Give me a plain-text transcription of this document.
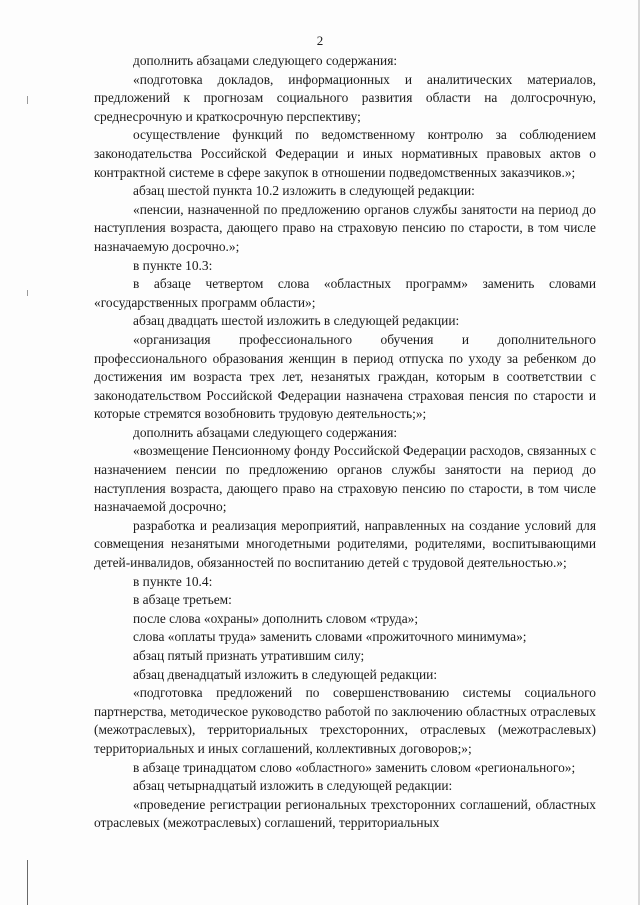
2

дополнить абзацами следующего содержания:

«подготовка докладов, информационных и аналитических материалов, предложений к прогнозам социального развития области на долгосрочную, среднесрочную и краткосрочную перспективу;

осуществление функций по ведомственному контролю за соблюдением законодательства Российской Федерации и иных нормативных правовых актов о контрактной системе в сфере закупок в отношении подведомственных заказчиков.»;

абзац шестой пункта 10.2 изложить в следующей редакции:

«пенсии, назначенной по предложению органов службы занятости на период до наступления возраста, дающего право на страховую пенсию по старости, в том числе назначаемую досрочно.»;

в пункте 10.3:

в абзаце четвертом слова «областных программ» заменить словами «государственных программ области»;

абзац двадцать шестой изложить в следующей редакции:

«организация профессионального обучения и дополнительного профессионального образования женщин в период отпуска по уходу за ребенком до достижения им возраста трех лет, незанятых граждан, которым в соответствии с законодательством Российской Федерации назначена страховая пенсия по старости и которые стремятся возобновить трудовую деятельность;»;

дополнить абзацами следующего содержания:

«возмещение Пенсионному фонду Российской Федерации расходов, связанных с назначением пенсии по предложению органов службы занятости на период до наступления возраста, дающего право на страховую пенсию по старости, в том числе назначаемой досрочно;

разработка и реализация мероприятий, направленных на создание условий для совмещения незанятыми многодетными родителями, родителями, воспитывающими детей-инвалидов, обязанностей по воспитанию детей с трудовой деятельностью.»;

в пункте 10.4:

в абзаце третьем:

после слова «охраны» дополнить словом «труда»;

слова «оплаты труда» заменить словами «прожиточного минимума»;

абзац пятый признать утратившим силу;

абзац двенадцатый изложить в следующей редакции:

«подготовка предложений по совершенствованию системы социального партнерства, методическое руководство работой по заключению областных отраслевых (межотраслевых), территориальных трехсторонних, отраслевых (межотраслевых) территориальных и иных соглашений, коллективных договоров;»;

в абзаце тринадцатом слово «областного» заменить словом «регионального»;

абзац четырнадцатый изложить в следующей редакции:

«проведение регистрации региональных трехсторонних соглашений, областных отраслевых (межотраслевых) соглашений, территориальных
